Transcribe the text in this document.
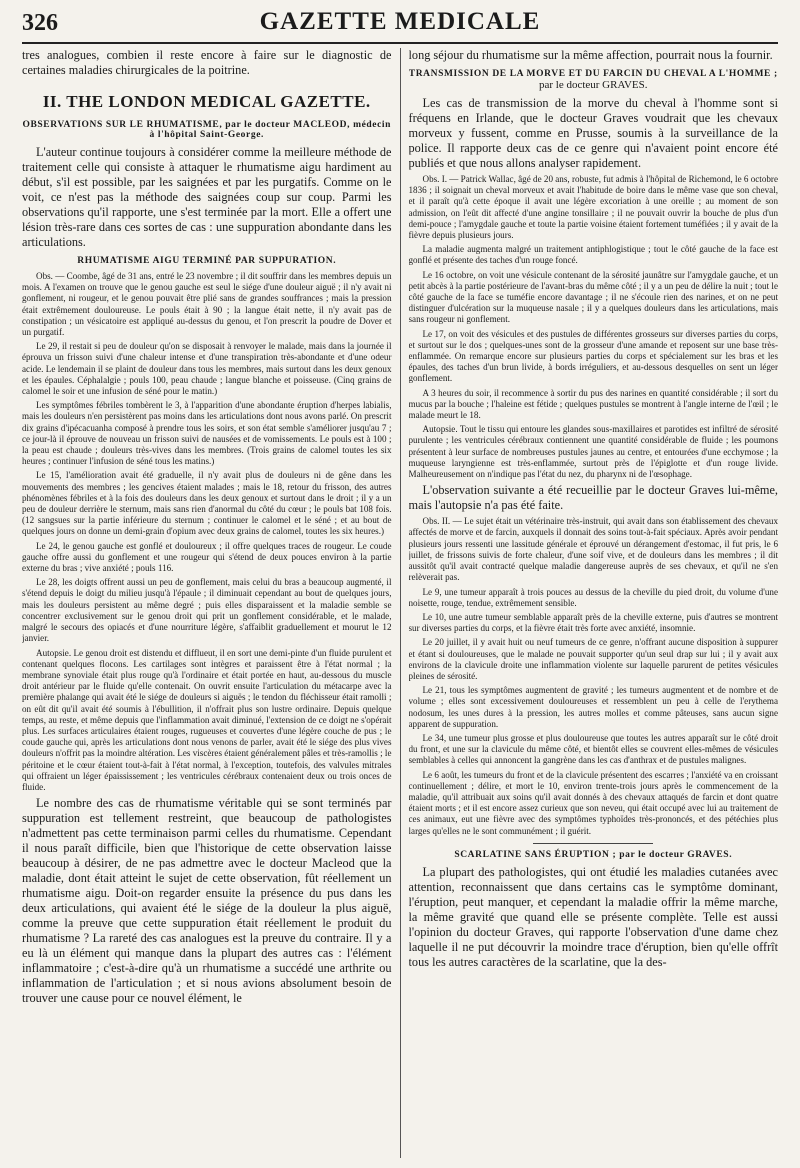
326	GAZETTE MEDICALE

tres analogues, combien il reste encore à faire sur le diagnostic de certaines maladies chirurgicales de la poitrine.

II. THE LONDON MEDICAL GAZETTE.
OBSERVATIONS SUR LE RHUMATISME, par le docteur MACLEOD, médecin à l'hôpital Saint-George.

L'auteur continue toujours à considérer comme la meilleure méthode de traitement celle qui consiste à attaquer le rhumatisme aigu hardiment au début, s'il est possible, par les saignées et par les purgatifs. Comme on le voit, ce n'est pas la méthode des saignées coup sur coup. Parmi les observations qu'il rapporte, une s'est terminée par la mort. Elle a offert une lésion très-rare dans ces sortes de cas : une suppuration abondante dans les articulations.

RHUMATISME AIGU TERMINÉ PAR SUPPURATION.

Obs. — Coombe, âgé de 31 ans, entré le 23 novembre ; il dit souffrir dans les membres depuis un mois. A l'examen on trouve que le genou gauche est seul le siége d'une douleur aiguë ; il n'y avait ni gonflement, ni rougeur, et le genou pouvait être plié sans de grandes souffrances ; mais la pression était extrêmement douloureuse. Le pouls était à 90 ; la langue était nette, il n'y avait pas de constipation ; un vésicatoire est appliqué au-dessus du genou, et l'on prescrit la poudre de Dover et un purgatif.

Le 29, il restait si peu de douleur qu'on se disposait à renvoyer le malade, mais dans la journée il éprouva un frisson suivi d'une chaleur intense et d'une transpiration très-abondante et d'une odeur acide. Le lendemain il se plaint de douleur dans tous les membres, mais surtout dans les deux genoux et les épaules. Céphalalgie ; pouls 100, peau chaude ; langue blanche et poisseuse. (Cinq grains de calomel le soir et une infusion de séné pour le matin.)

Les symptômes fébriles tombèrent le 3, à l'apparition d'une abondante éruption d'herpes labialis, mais les douleurs n'en persistèrent pas moins dans les articulations dont nous avons parlé. On prescrit dix grains d'ipécacuanha composé à prendre tous les soirs, et son état semble s'améliorer jusqu'au 7 ; ce jour-là il éprouve de nouveau un frisson suivi de nausées et de vomissements. Le pouls est à 100 ; la peau est chaude ; douleurs très-vives dans les membres. (Trois grains de calomel toutes les six heures ; continuer l'infusion de séné tous les matins.)

Le 15, l'amélioration avait été graduelle, il n'y avait plus de douleurs ni de gêne dans les mouvements des membres ; les gencives étaient malades ; mais le 18, retour du frisson, des autres phénomènes fébriles et à la fois des douleurs dans les deux genoux et surtout dans le droit ; il y a un peu de douleur derrière le sternum, mais sans rien d'anormal du côté du cœur ; le pouls bat 108 fois. (12 sangsues sur la partie inférieure du sternum ; continuer le calomel et le séné ; et au bout de quelques jours on donne un demi-grain d'opium avec deux grains de calomel, toutes les six heures.)

Le 24, le genou gauche est gonflé et douloureux ; il offre quelques traces de rougeur. Le coude gauche offre aussi du gonflement et une rougeur qui s'étend de deux pouces environ à la partie externe du bras ; vive anxiété ; pouls 116.

Le 28, les doigts offrent aussi un peu de gonflement, mais celui du bras a beaucoup augmenté, il s'étend depuis le doigt du milieu jusqu'à l'épaule ; il diminuait cependant au bout de quelques jours, mais les douleurs persistent au même degré ; puis elles disparaissent et la maladie semble se concentrer exclusivement sur le genou droit qui prit un gonflement considérable, et le malade, malgré le secours des opiacés et d'une nourriture légère, s'affaiblit graduellement et mourut le 12 janvier.

Autopsie. Le genou droit est distendu et difflueut, il en sort une demi-pinte d'un fluide purulent et contenant quelques flocons. Les cartilages sont intègres et paraissent être à l'état normal ; la membrane synoviale était plus rouge qu'à l'ordinaire et était portée en haut, au-dessous du muscle droit antérieur par le fluide qu'elle contenait. On ouvrit ensuite l'articulation du métacarpe avec la première phalange qui avait été le siége de douleurs si aiguës ; le tendon du fléchisseur était ramolli ; on eût dit qu'il avait été soumis à l'ébullition, il n'offrait plus son lustre ordinaire. Depuis quelque temps, au reste, et même depuis que l'inflammation avait diminué, l'extension de ce doigt ne s'opérait plus. Les surfaces articulaires étaient rouges, rugueuses et couvertes d'une légère couche de pus ; le coude gauche qui, après les articulations dont nous venons de parler, avait été le siége des plus vives douleurs n'offrit pas la moindre altération. Les viscères étaient généralement pâles et très-ramollis ; le péritoine et le cœur étaient tout-à-fait à l'état normal, à l'exception, toutefois, des valvules mitrales qui offraient un léger épaississement ; les ventricules cérébraux contenaient deux ou trois onces de fluide.

Le nombre des cas de rhumatisme véritable qui se sont terminés par suppuration est tellement restreint, que beaucoup de pathologistes n'admettent pas cette terminaison parmi celles du rhumatisme. Cependant il nous paraît difficile, bien que l'historique de cette observation laisse beaucoup à désirer, de ne pas admettre avec le docteur Macleod que la maladie, dont était atteint le sujet de cette observation, fût réellement un rhumatisme aigu. Doit-on regarder ensuite la présence du pus dans les deux articulations, qui avaient été le siége de la douleur la plus aiguë, comme la preuve que cette suppuration était réellement le produit du rhumatisme ? La rareté des cas analogues est la preuve du contraire. Il y a eu là un élément qui manque dans la plupart des autres cas : l'élément inflammatoire ; c'est-à-dire qu'à un rhumatisme a succédé une arthrite ou inflammation de l'articulation ; et si nous avions absolument besoin de trouver une cause pour ce nouvel élément, le

long séjour du rhumatisme sur la même affection, pourrait nous la fournir.

TRANSMISSION DE LA MORVE ET DU FARCIN DU CHEVAL A L'HOMME ;
par le docteur GRAVES.

Les cas de transmission de la morve du cheval à l'homme sont si fréquens en Irlande, que le docteur Graves voudrait que les chevaux morveux y fussent, comme en Prusse, soumis à la surveillance de la police. Il rapporte deux cas de ce genre qui n'avaient point encore été publiés et que nous allons analyser rapidement.

Obs. I. — Patrick Wallac, âgé de 20 ans, robuste, fut admis à l'hôpital de Richemond, le 6 octobre 1836 ; il soignait un cheval morveux et avait l'habitude de boire dans le même vase que son cheval, et il paraît qu'à cette époque il avait une légère excoriation à une oreille ; au moment de son admission, on l'eût dit affecté d'une angine tonsillaire ; il ne pouvait ouvrir la bouche de plus d'un demi-pouce ; l'amygdale gauche et toute la partie voisine étaient fortement tuméfiées ; il y avait de la fièvre depuis plusieurs jours.

La maladie augmenta malgré un traitement antiphlogistique ; tout le côté gauche de la face est gonflé et présente des taches d'un rouge foncé.

Le 16 octobre, on voit une vésicule contenant de la sérosité jaunâtre sur l'amygdale gauche, et un petit abcès à la partie postérieure de l'avant-bras du même côté ; il y a un peu de délire la nuit ; tout le côté gauche de la face se tuméfie encore davantage ; il ne s'écoule rien des narines, et on ne peut distinguer d'ulcération sur la muqueuse nasale ; il y a quelques douleurs dans les articulations, mais sans rougeur ni gonflement.

Le 17, on voit des vésicules et des pustules de différentes grosseurs sur diverses parties du corps, et surtout sur le dos ; quelques-unes sont de la grosseur d'une amande et reposent sur une base très-enflammée. On remarque encore sur plusieurs parties du corps et spécialement sur les bras et les épaules, des taches d'un brun livide, à bords irréguliers, et au-dessous desquelles on sent un léger gonflement.

A 3 heures du soir, il recommence à sortir du pus des narines en quantité considérable ; il sort du mucus par la bouche ; l'haleine est fétide ; quelques pustules se montrent à l'angle interne de l'œil ; le malade meurt le 18.

Autopsie. Tout le tissu qui entoure les glandes sous-maxillaires et parotides est infiltré de sérosité purulente ; les ventricules cérébraux contiennent une quantité considérable de fluide ; les poumons présentent à leur surface de nombreuses pustules jaunes au centre, et entourées d'une ecchymose ; la muqueuse laryngienne est très-enflammée, surtout près de l'épiglotte et d'un rouge livide. Malheureusement on n'indique pas l'état du nez, du pharynx ni de l'œsophage.

L'observation suivante a été recueillie par le docteur Graves lui-même, mais l'autopsie n'a pas été faite.

Obs. II. — Le sujet était un vétérinaire très-instruit, qui avait dans son établissement des chevaux affectés de morve et de farcin, auxquels il donnait des soins tout-à-fait spéciaux. Après avoir pendant plusieurs jours ressenti une lassitude générale et éprouvé un dérangement d'estomac, il fut pris, le 6 juillet, de frissons suivis de forte chaleur, d'une soif vive, et de douleurs dans les membres ; il dit aussitôt qu'il avait contracté quelque maladie dangereuse auprès de ses chevaux, et qu'il ne s'en relèverait pas.

Le 9, une tumeur apparaît à trois pouces au dessus de la cheville du pied droit, du volume d'une noisette, rouge, tendue, extrêmement sensible.

Le 10, une autre tumeur semblable apparaît près de la cheville externe, puis d'autres se montrent sur diverses parties du corps, et la fièvre était très forte avec anxiété, insomnie.

Le 20 juillet, il y avait huit ou neuf tumeurs de ce genre, n'offrant aucune disposition à suppurer et étant si douloureuses, que le malade ne pouvait supporter qu'un seul drap sur lui ; il y avait aux environs de la clavicule droite une inflammation violente sur laquelle parurent de petites vésicules pleines de sérosité.

Le 21, tous les symptômes augmentent de gravité ; les tumeurs augmentent et de nombre et de volume ; elles sont excessivement douloureuses et ressemblent un peu à celle de l'erythema nodosum, les unes dures à la pression, les autres molles et comme pâteuses, sans aucun signe apparent de suppuration.

Le 34, une tumeur plus grosse et plus douloureuse que toutes les autres apparaît sur le côté droit du front, et une sur la clavicule du même côté, et bientôt elles se couvrent elles-mêmes de vésicules semblables à celles qui annoncent la gangrène dans les cas d'anthrax et de pustules malignes.

Le 6 août, les tumeurs du front et de la clavicule présentent des escarres ; l'anxiété va en croissant continuellement ; délire, et mort le 10, environ trente-trois jours après le commencement de la maladie, qu'il attribuait aux soins qu'il avait donnés à des chevaux attaqués de farcin et dont quatre étaient morts ; et il est encore assez curieux que son neveu, qui était occupé avec lui au traitement de ces animaux, eut une fièvre avec des symptômes typhoïdes très-prononcés, et des pétéchies plus larges qu'elles ne le sont communément ; il guérit.

SCARLATINE SANS ÉRUPTION ; par le docteur GRAVES.

La plupart des pathologistes, qui ont étudié les maladies cutanées avec attention, reconnaissent que dans certains cas le symptôme dominant, l'éruption, peut manquer, et cependant la maladie offrir la même marche, la même gravité que quand elle se présente complète. Telle est aussi l'opinion du docteur Graves, qui rapporte l'observation d'une dame chez laquelle il ne put découvrir la moindre trace d'éruption, bien qu'elle offrît tous les autres caractères de la scarlatine, que la des-
